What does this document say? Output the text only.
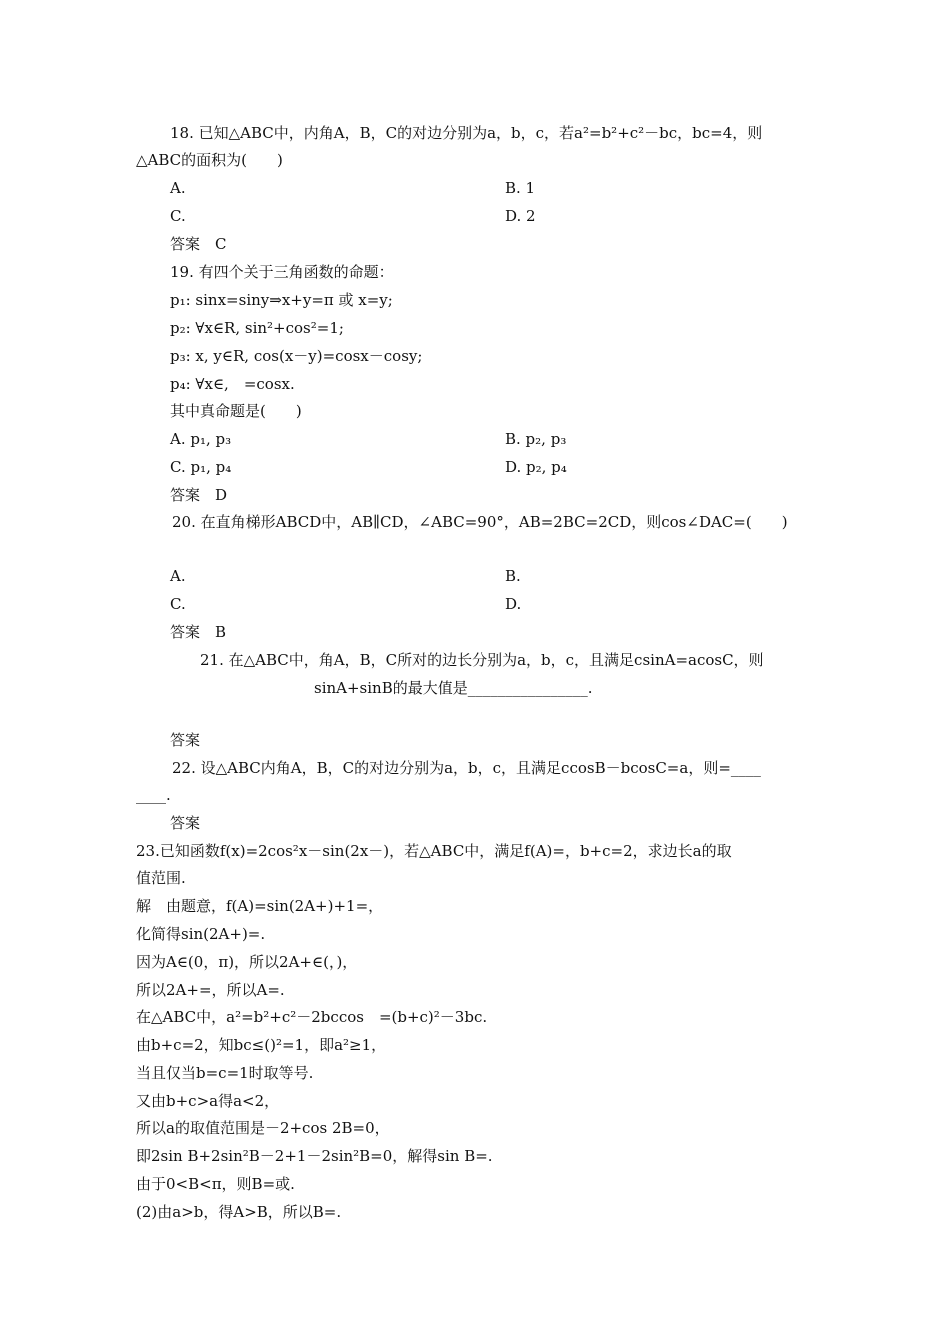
18. 已知△ABC中，内角A，B，C的对边分别为a，b，c，若a²=b²+c²－bc，bc=4，则
△ABC的面积为(　　)
A.	B. 1
C.	D. 2
答案　C
19. 有四个关于三角函数的命题：
p₁: sinx=siny⇒x+y=π 或 x=y;
p₂: ∀x∈R, sin²+cos²=1;
p₃: x, y∈R, cos(x－y)=cosx－cosy;
p₄: ∀x∈,　=cosx.
其中真命题是(　　)
A. p₁, p₃	B. p₂, p₃
C. p₁, p₄	D. p₂, p₄
答案　D
20. 在直角梯形ABCD中，AB∥CD，∠ABC=90°，AB=2BC=2CD，则cos∠DAC=(　　)
A.	B.
C.	D.
答案　B
21. 在△ABC中，角A，B，C所对的边长分别为a，b，c，且满足csinA=acosC，则
sinA+sinB的最大值是________________.
答案
22. 设△ABC内角A，B，C的对边分别为a，b，c，且满足ccosB－bcosC=a，则=____
____.
答案
23.已知函数f(x)=2cos²x－sin(2x－)，若△ABC中，满足f(A)=，b+c=2，求边长a的取
值范围.
解　由题意，f(A)=sin(2A+)+1=，
化简得sin(2A+)=.
因为A∈(0，π)，所以2A+∈(，)，
所以2A+=，所以A=.
在△ABC中，a²=b²+c²－2bccos　=(b+c)²－3bc.
由b+c=2，知bc≤()²=1，即a²≥1，
当且仅当b=c=1时取等号.
又由b+c>a得a<2，
所以a的取值范围是－2+cos 2B=0，
即2sin B+2sin²B－2+1－2sin²B=0，解得sin B=.
由于0<B<π，则B=或.
(2)由a>b，得A>B，所以B=.
